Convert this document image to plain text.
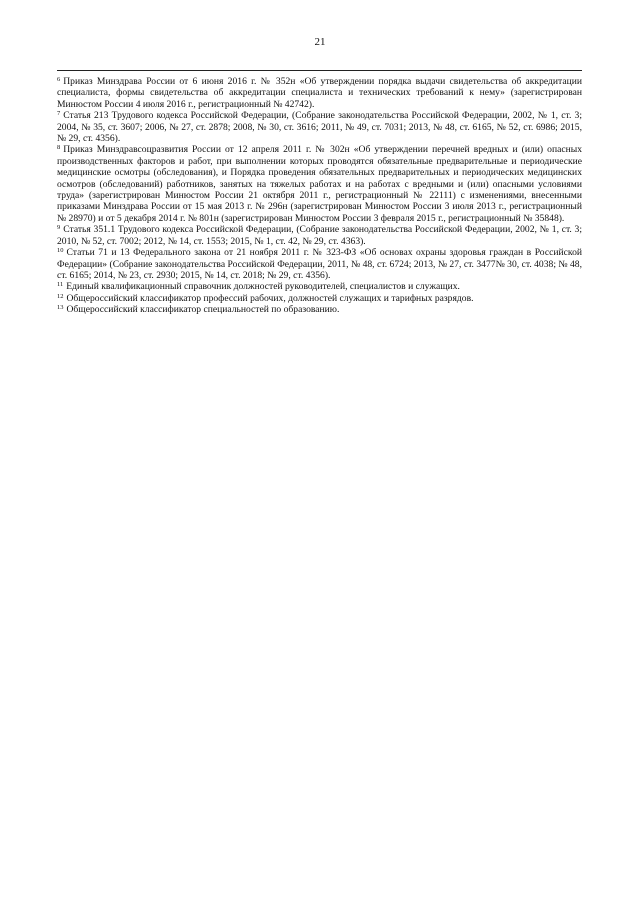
21

$^6$ Приказ Минздрава России от 6 июня 2016 г. № 352н «Об утверждении порядка выдачи свидетельства об аккредитации специалиста, формы свидетельства об аккредитации специалиста и технических требований к нему» (зарегистрирован Минюстом России 4 июля 2016 г., регистрационный № 42742).

$^7$ Статья 213 Трудового кодекса Российской Федерации, (Собрание законодательства Российской Федерации, 2002, № 1, ст. 3; 2004, № 35, ст. 3607; 2006, № 27, ст. 2878; 2008, № 30, ст. 3616; 2011, № 49, ст. 7031; 2013, № 48, ст. 6165, № 52, ст. 6986; 2015, № 29, ст. 4356).

$^8$ Приказ Минздравсоцразвития России от 12 апреля 2011 г. № 302н «Об утверждении перечней вредных и (или) опасных производственных факторов и работ, при выполнении которых проводятся обязательные предварительные и периодические медицинские осмотры (обследования), и Порядка проведения обязательных предварительных и периодических медицинских осмотров (обследований) работников, занятых на тяжелых работах и на работах с вредными и (или) опасными условиями труда» (зарегистрирован Минюстом России 21 октября 2011 г., регистрационный № 22111) с изменениями, внесенными приказами Минздрава России от 15 мая 2013 г. № 296н (зарегистрирован Минюстом России 3 июля 2013 г., регистрационный № 28970) и от 5 декабря 2014 г. № 801н (зарегистрирован Минюстом России 3 февраля 2015 г., регистрационный № 35848).

$^9$ Статья 351.1 Трудового кодекса Российской Федерации, (Собрание законодательства Российской Федерации, 2002, № 1, ст. 3; 2010, № 52, ст. 7002; 2012, № 14, ст. 1553; 2015, № 1, ст. 42, № 29, ст. 4363).

$^{10}$ Статьи 71 и 13 Федерального закона от 21 ноября 2011 г. № 323-ФЗ «Об основах охраны здоровья граждан в Российской Федерации» (Собрание законодательства Российской Федерации, 2011, № 48, ст. 6724; 2013, № 27, ст. 3477№ 30, ст. 4038; № 48, ст. 6165; 2014, № 23, ст. 2930; 2015, № 14, ст. 2018; № 29, ст. 4356).

$^{11}$ Единый квалификационный справочник должностей руководителей, специалистов и служащих.

$^{12}$ Общероссийский классификатор профессий рабочих, должностей служащих и тарифных разрядов.

$^{13}$ Общероссийский классификатор специальностей по образованию.
